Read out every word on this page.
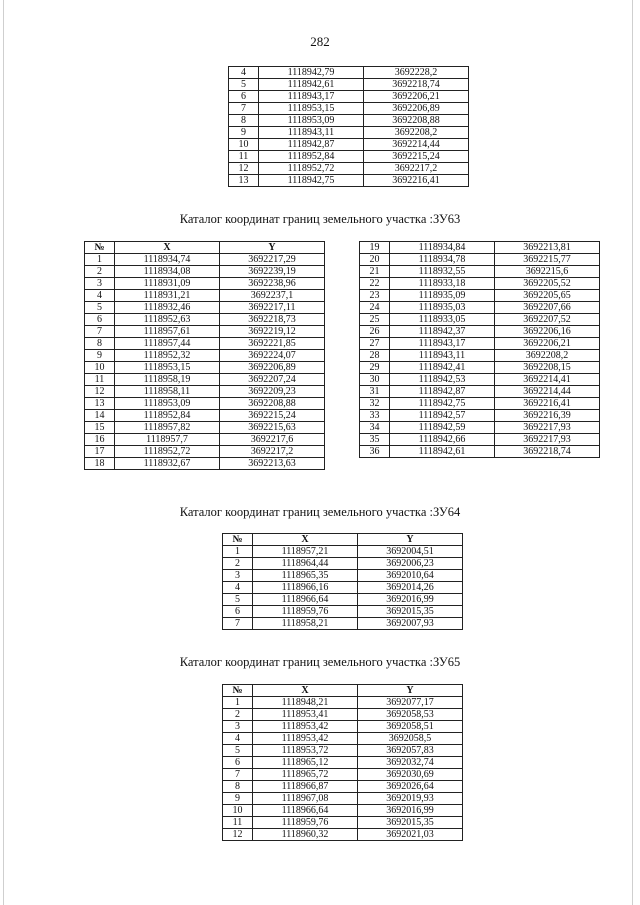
282
4	1118942,79	3692228,2
5	1118942,61	3692218,74
6	1118943,17	3692206,21
7	1118953,15	3692206,89
8	1118953,09	3692208,88
9	1118943,11	3692208,2
10	1118942,87	3692214,44
11	1118952,84	3692215,24
12	1118952,72	3692217,2
13	1118942,75	3692216,41
Каталог координат границ земельного участка :ЗУ63
№	X	Y
1	1118934,74	3692217,29
2	1118934,08	3692239,19
3	1118931,09	3692238,96
4	1118931,21	3692237,1
5	1118932,46	3692217,11
6	1118952,63	3692218,73
7	1118957,61	3692219,12
8	1118957,44	3692221,85
9	1118952,32	3692224,07
10	1118953,15	3692206,89
11	1118958,19	3692207,24
12	1118958,11	3692209,23
13	1118953,09	3692208,88
14	1118952,84	3692215,24
15	1118957,82	3692215,63
16	1118957,7	3692217,6
17	1118952,72	3692217,2
18	1118932,67	3692213,63
19	1118934,84	3692213,81
20	1118934,78	3692215,77
21	1118932,55	3692215,6
22	1118933,18	3692205,52
23	1118935,09	3692205,65
24	1118935,03	3692207,66
25	1118933,05	3692207,52
26	1118942,37	3692206,16
27	1118943,17	3692206,21
28	1118943,11	3692208,2
29	1118942,41	3692208,15
30	1118942,53	3692214,41
31	1118942,87	3692214,44
32	1118942,75	3692216,41
33	1118942,57	3692216,39
34	1118942,59	3692217,93
35	1118942,66	3692217,93
36	1118942,61	3692218,74
Каталог координат границ земельного участка :ЗУ64
№	X	Y
1	1118957,21	3692004,51
2	1118964,44	3692006,23
3	1118965,35	3692010,64
4	1118966,16	3692014,26
5	1118966,64	3692016,99
6	1118959,76	3692015,35
7	1118958,21	3692007,93
Каталог координат границ земельного участка :ЗУ65
№	X	Y
1	1118948,21	3692077,17
2	1118953,41	3692058,53
3	1118953,42	3692058,51
4	1118953,42	3692058,5
5	1118953,72	3692057,83
6	1118965,12	3692032,74
7	1118965,72	3692030,69
8	1118966,87	3692026,64
9	1118967,08	3692019,93
10	1118966,64	3692016,99
11	1118959,76	3692015,35
12	1118960,32	3692021,03
